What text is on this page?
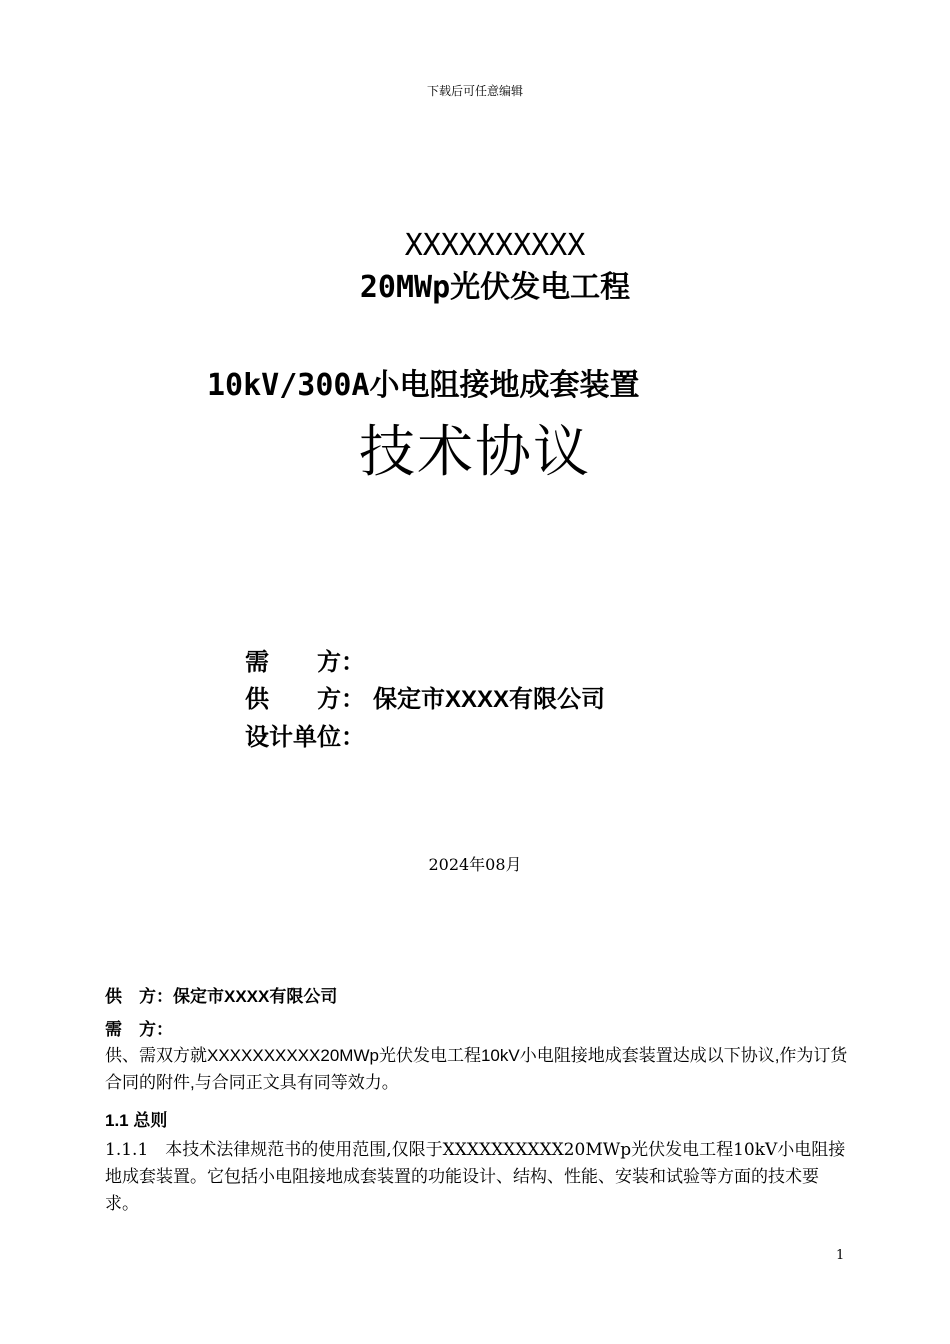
下载后可任意编辑
XXXXXXXXXX
20MWp光伏发电工程
10kV/300A小电阻接地成套装置
技术协议
需　　方：
供　　方： 保定市XXXX有限公司
设计单位：
2024年08月
供　方：保定市XXXX有限公司
需　方：
供、需双方就XXXXXXXXXX20MWp光伏发电工程10kV小电阻接地成套装置达成以下协议,作为订货合同的附件,与合同正文具有同等效力。
1.1 总则
1.1.1　本技术法律规范书的使用范围,仅限于XXXXXXXXXX20MWp光伏发电工程10kV小电阻接地成套装置。它包括小电阻接地成套装置的功能设计、结构、性能、安装和试验等方面的技术要求。
1
